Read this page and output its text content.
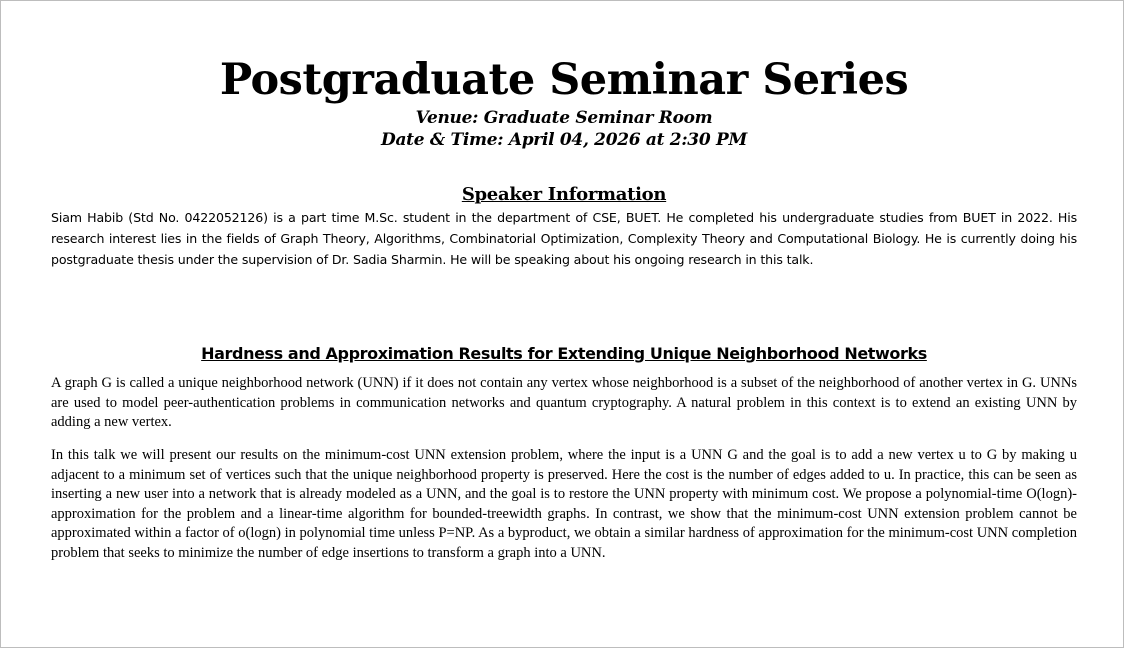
Postgraduate Seminar Series
Venue: Graduate Seminar Room
Date & Time: April 04, 2026 at 2:30 PM
Speaker Information
Siam Habib (Std No. 0422052126) is a part time M.Sc. student in the department of CSE, BUET. He completed his undergraduate studies from BUET in 2022. His research interest lies in the fields of Graph Theory, Algorithms, Combinatorial Optimization, Complexity Theory and Computational Biology. He is currently doing his postgraduate thesis under the supervision of Dr. Sadia Sharmin. He will be speaking about his ongoing research in this talk.
Hardness and Approximation Results for Extending Unique Neighborhood Networks
A graph G is called a unique neighborhood network (UNN) if it does not contain any vertex whose neighborhood is a subset of the neighborhood of another vertex in G. UNNs are used to model peer-authentication problems in communication networks and quantum cryptography. A natural problem in this context is to extend an existing UNN by adding a new vertex.
In this talk we will present our results on the minimum-cost UNN extension problem, where the input is a UNN G and the goal is to add a new vertex u to G by making u adjacent to a minimum set of vertices such that the unique neighborhood property is preserved. Here the cost is the number of edges added to u. In practice, this can be seen as inserting a new user into a network that is already modeled as a UNN, and the goal is to restore the UNN property with minimum cost. We propose a polynomial-time O(logn)-approximation for the problem and a linear-time algorithm for bounded-treewidth graphs. In contrast, we show that the minimum-cost UNN extension problem cannot be approximated within a factor of o(logn) in polynomial time unless P=NP. As a byproduct, we obtain a similar hardness of approximation for the minimum-cost UNN completion problem that seeks to minimize the number of edge insertions to transform a graph into a UNN.
